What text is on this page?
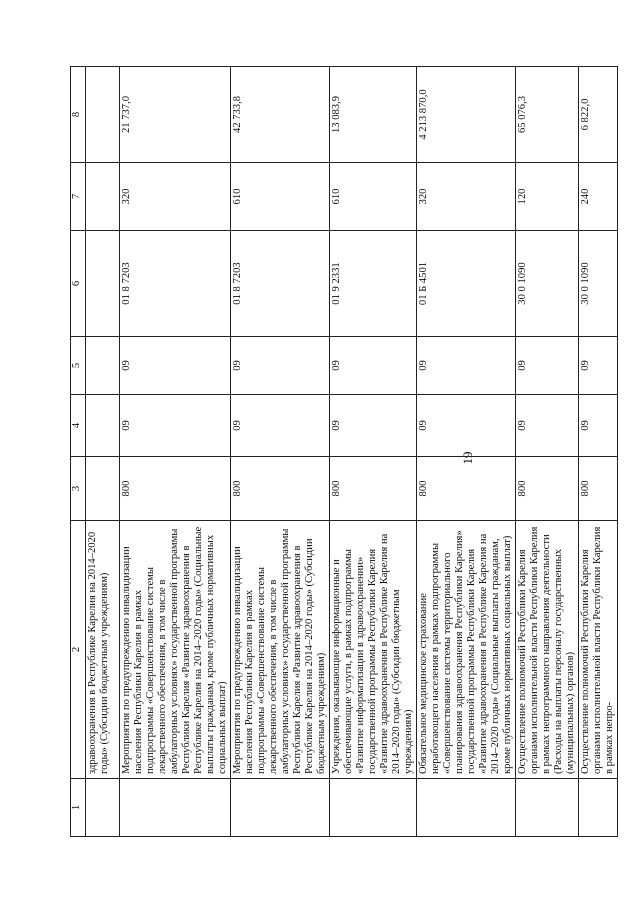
19
1	2	3	4	5	6	7	8
	здравоохранения в Республике Карелия на 2014–2020 годы» (Субсидии бюджетным учреждениям)						
	Мероприятия по предупреждению инвалидизации населения Республики Карелия в рамках подпрограммы «Совершенствование системы лекарственного обеспечения, в том числе в амбулаторных условиях» государственной программы Республики Карелия «Развитие здравоохранения в Республике Карелия на 2014–2020 годы» (Социальные выплаты гражданам, кроме публичных нормативных социальных выплат)	800	09	09	01 8 7203	320	21 737,0
	Мероприятия по предупреждению инвалидизации населения Республики Карелия в рамках подпрограммы «Совершенствование системы лекарственного обеспечения, в том числе в амбулаторных условиях» государственной программы Республики Карелия «Развитие здравоохранения в Республике Карелия на 2014–2020 годы» (Субсидии бюджетным учреждениям)	800	09	09	01 8 7203	610	42 733,8
	Учреждения, оказывающие информационные и обеспечивающие услуги, в рамках подпрограммы «Развитие информатизации в здравоохранении» государственной программы Республики Карелия «Развитие здравоохранения в Республике Карелия на 2014–2020 годы» (Субсидии бюджетным учреждениям)	800	09	09	01 9 2331	610	13 083,9
	Обязательное медицинское страхование неработающего населения в рамках подпрограммы «Совершенствование системы территориального планирования здравоохранения Республики Карелия» государственной программы Республики Карелия «Развитие здравоохранения в Республике Карелия на 2014–2020 годы» (Социальные выплаты гражданам, кроме публичных нормативных социальных выплат)	800	09	09	01 Б 4501	320	4 213 870,0
	Осуществление полномочий Республики Карелия органами исполнительной власти Республики Карелия в рамках непрограммного направления деятельности (Расходы на выплаты персоналу государственных (муниципальных) органов)	800	09	09	30 0 1090	120	65 076,3
	Осуществление полномочий Республики Карелия органами исполнительной власти Республики Карелия в рамках непро-	800	09	09	30 0 1090	240	6 822,0
